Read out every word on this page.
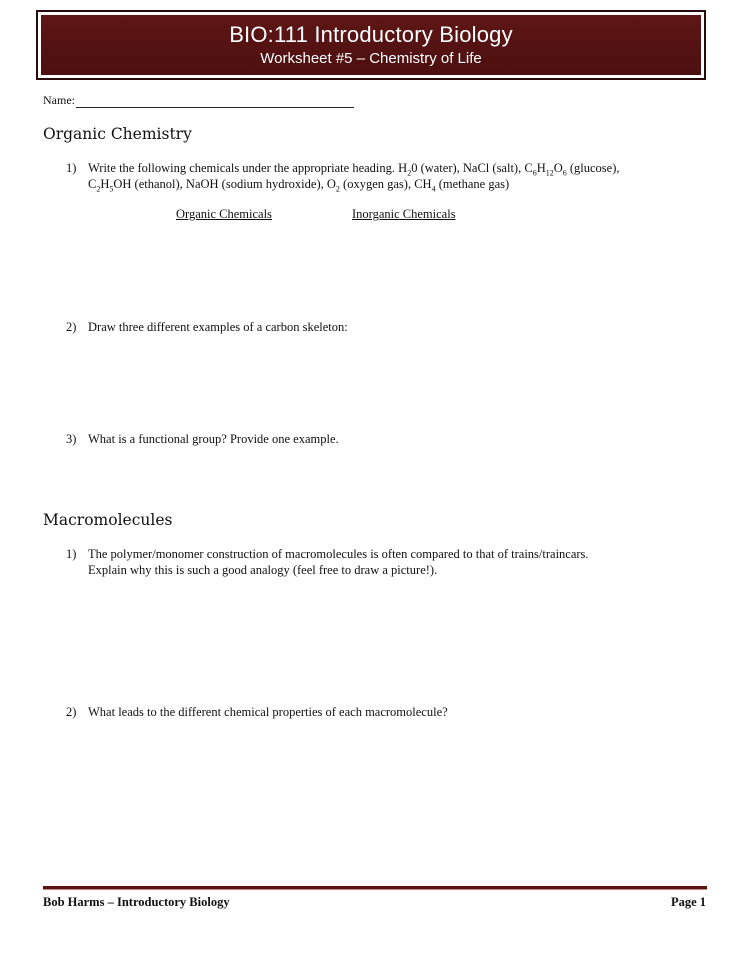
BIO:111 Introductory Biology
Worksheet #5 – Chemistry of Life
Name:
Organic Chemistry
1) Write the following chemicals under the appropriate heading. $H_20$ (water), NaCl (salt), $C_6H_{12}O_6$ (glucose),
$C_2H_5OH$ (ethanol), NaOH (sodium hydroxide), $O_2$ (oxygen gas), $CH_4$ (methane gas)
Organic Chemicals	Inorganic Chemicals
2) Draw three different examples of a carbon skeleton:
3) What is a functional group? Provide one example.
Macromolecules
1) The polymer/monomer construction of macromolecules is often compared to that of trains/traincars.
Explain why this is such a good analogy (feel free to draw a picture!).
2) What leads to the different chemical properties of each macromolecule?
Bob Harms – Introductory Biology	Page 1
